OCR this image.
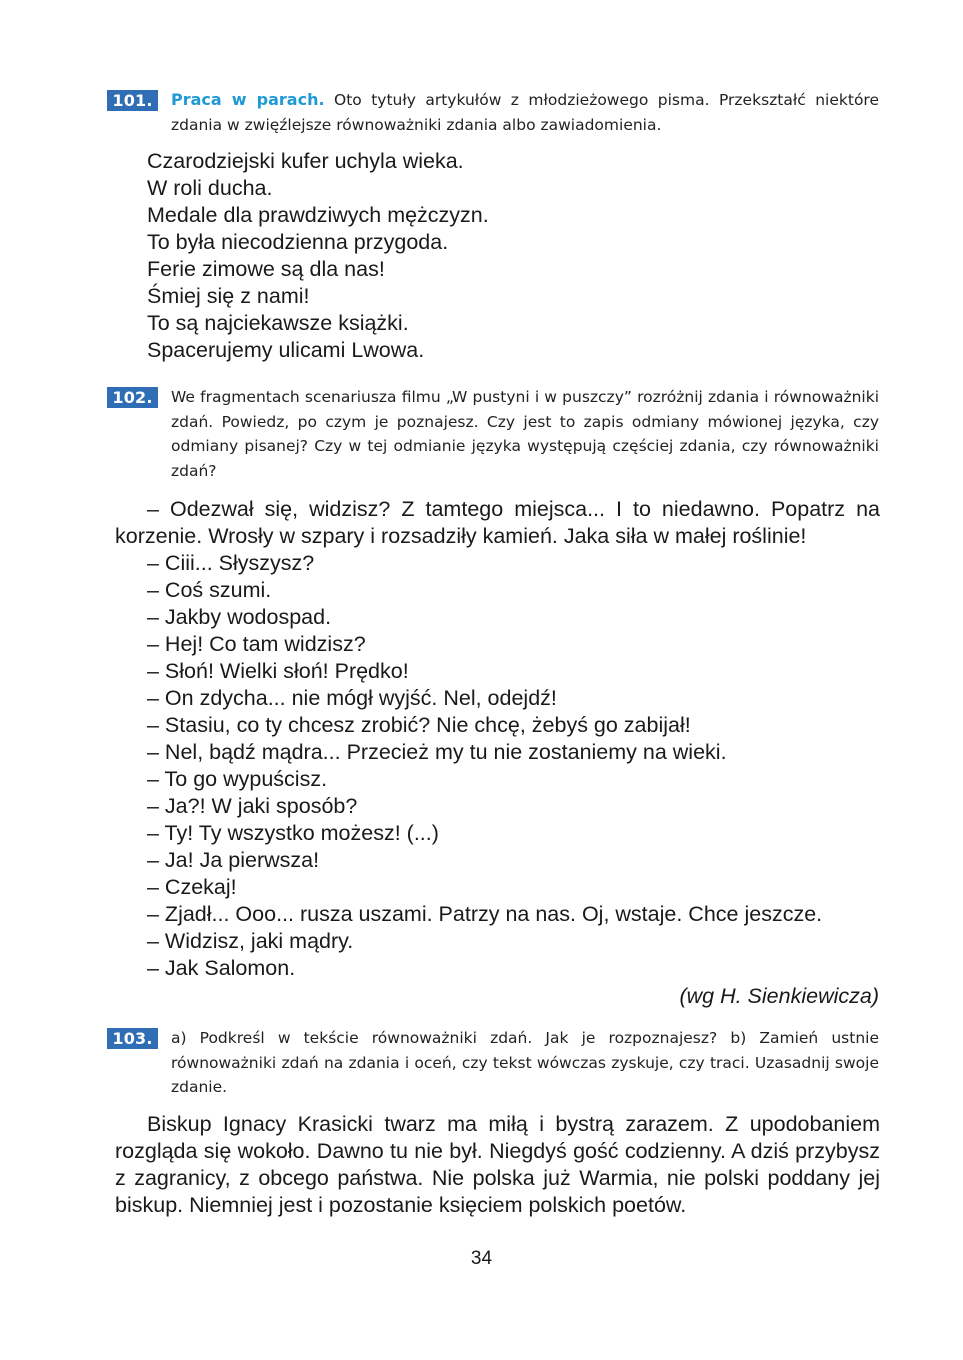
101.	Praca w parach. Oto tytuły artykułów z młodzieżowego pisma. Przekształć niektóre zdania w zwięźlejsze równoważniki zdania albo zawiadomienia.
Czarodziejski kufer uchyla wieka.
W roli ducha.
Medale dla prawdziwych mężczyzn.
To była niecodzienna przygoda.
Ferie zimowe są dla nas!
Śmiej się z nami!
To są najciekawsze książki.
Spacerujemy ulicami Lwowa.
102.	We fragmentach scenariusza filmu „W pustyni i w puszczy” rozróżnij zdania i równoważniki zdań. Powiedz, po czym je poznajesz. Czy jest to zapis odmiany mówionej języka, czy odmiany pisanej? Czy w tej odmianie języka występują częściej zdania, czy równoważniki zdań?
– Odezwał się, widzisz? Z tamtego miejsca... I to niedawno. Popatrz na korzenie. Wrosły w szpary i rozsadziły kamień. Jaka siła w małej roślinie!
– Ciii... Słyszysz?
– Coś szumi.
– Jakby wodospad.
– Hej! Co tam widzisz?
– Słoń! Wielki słoń! Prędko!
– On zdycha... nie mógł wyjść. Nel, odejdź!
– Stasiu, co ty chcesz zrobić? Nie chcę, żebyś go zabijał!
– Nel, bądź mądra... Przecież my tu nie zostaniemy na wieki.
– To go wypuścisz.
– Ja?! W jaki sposób?
– Ty! Ty wszystko możesz! (...)
– Ja! Ja pierwsza!
– Czekaj!
– Zjadł... Ooo... rusza uszami. Patrzy na nas. Oj, wstaje. Chce jeszcze.
– Widzisz, jaki mądry.
– Jak Salomon.
(wg H. Sienkiewicza)
103.	a) Podkreśl w tekście równoważniki zdań. Jak je rozpoznajesz? b) Zamień ustnie równoważniki zdań na zdania i oceń, czy tekst wówczas zyskuje, czy traci. Uzasadnij swoje zdanie.

Biskup Ignacy Krasicki twarz ma miłą i bystrą zarazem. Z upodobaniem rozgląda się wokoło. Dawno tu nie był. Niegdyś gość codzienny. A dziś przybysz z zagranicy, z obcego państwa. Nie polska już Warmia, nie polski poddany jej biskup. Niemniej jest i pozostanie księciem polskich poetów.

34
